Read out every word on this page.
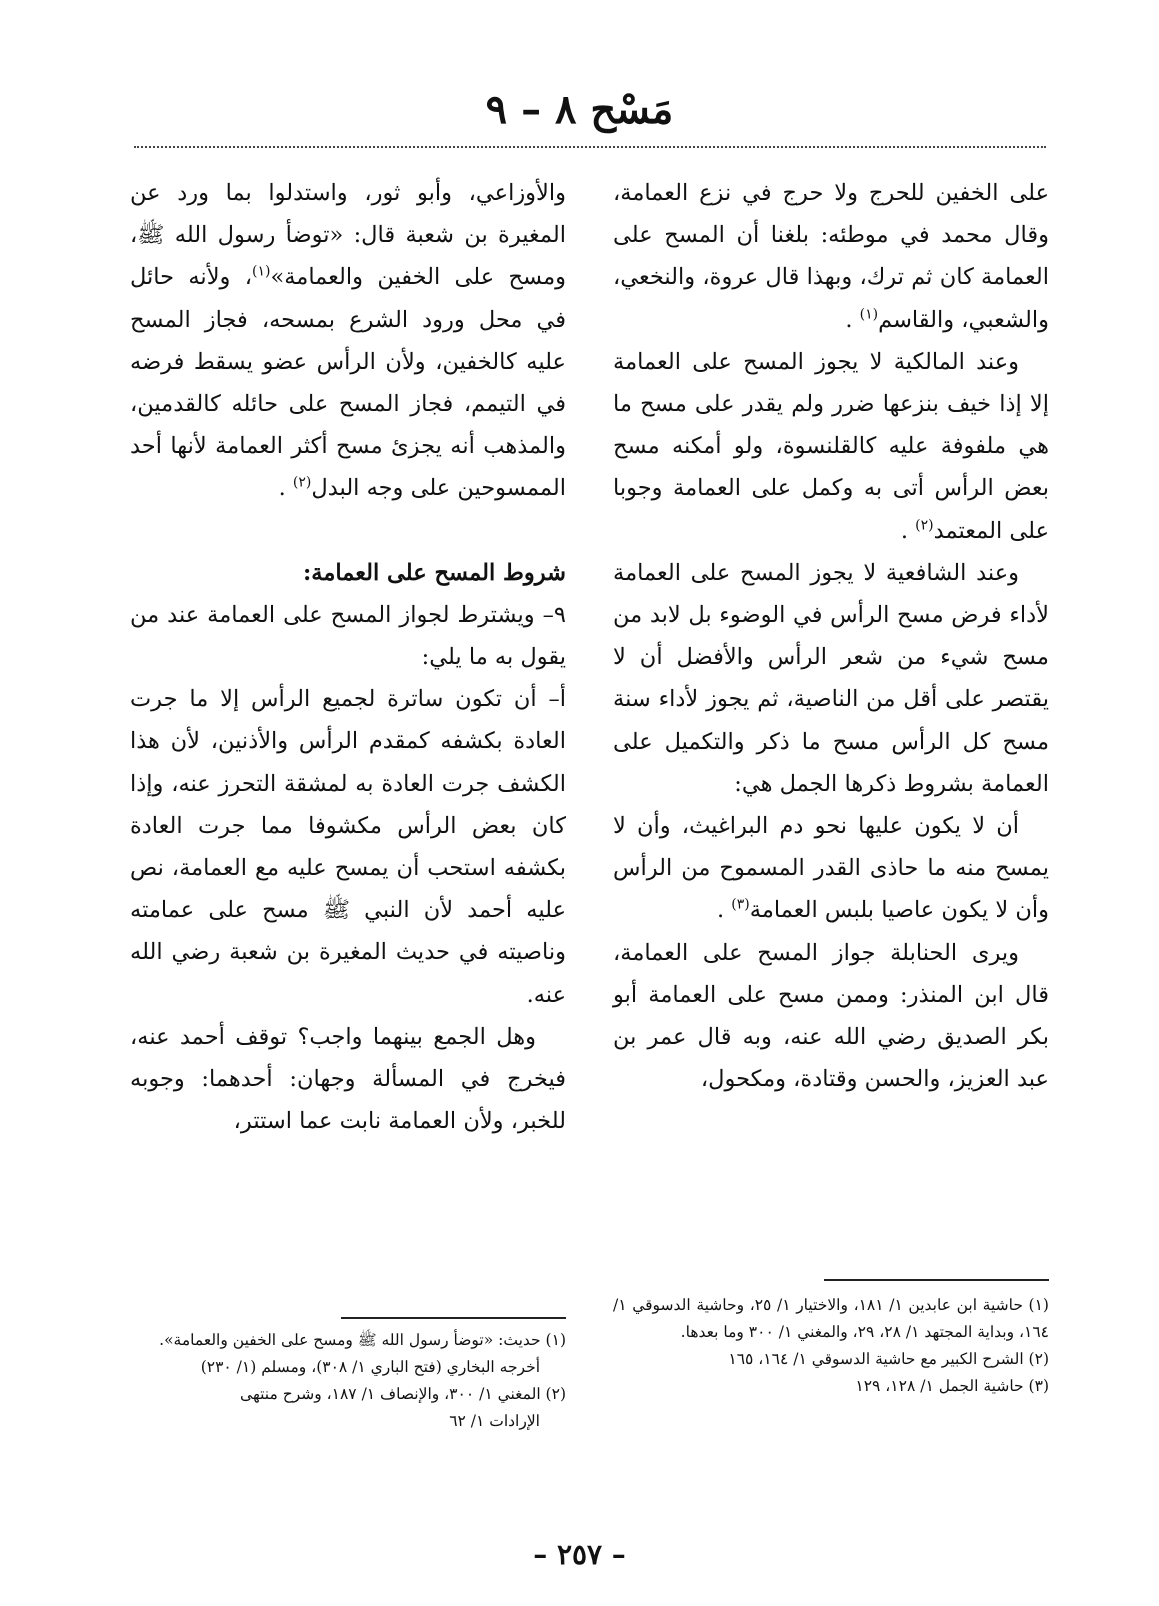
مَسْح ٨ – ٩

على الخفين للحرج ولا حرج في نزع العمامة، وقال محمد في موطئه: بلغنا أن المسح على العمامة كان ثم ترك، وبهذا قال عروة، والنخعي، والشعبي، والقاسم$^{(١)}$ .

وعند المالكية لا يجوز المسح على العمامة إلا إذا خيف بنزعها ضرر ولم يقدر على مسح ما هي ملفوفة عليه كالقلنسوة، ولو أمكنه مسح بعض الرأس أتى به وكمل على العمامة وجوبا على المعتمد$^{(٢)}$ .

وعند الشافعية لا يجوز المسح على العمامة لأداء فرض مسح الرأس في الوضوء بل لابد من مسح شيء من شعر الرأس والأفضل أن لا يقتصر على أقل من الناصية، ثم يجوز لأداء سنة مسح كل الرأس مسح ما ذكر والتكميل على العمامة بشروط ذكرها الجمل هي:

أن لا يكون عليها نحو دم البراغيث، وأن لا يمسح منه ما حاذى القدر المسموح من الرأس وأن لا يكون عاصيا بلبس العمامة$^{(٣)}$ .

ويرى الحنابلة جواز المسح على العمامة، قال ابن المنذر: وممن مسح على العمامة أبو بكر الصديق رضي الله عنه، وبه قال عمر بن عبد العزيز، والحسن وقتادة، ومكحول،

والأوزاعي، وأبو ثور، واستدلوا بما ورد عن المغيرة بن شعبة قال: «توضأ رسول الله ﷺ، ومسح على الخفين والعمامة»$^{(١)}$، ولأنه حائل في محل ورود الشرع بمسحه، فجاز المسح عليه كالخفين، ولأن الرأس عضو يسقط فرضه في التيمم، فجاز المسح على حائله كالقدمين، والمذهب أنه يجزئ مسح أكثر العمامة لأنها أحد الممسوحين على وجه البدل$^{(٢)}$ .

شروط المسح على العمامة:

٩– ويشترط لجواز المسح على العمامة عند من يقول به ما يلي:

أ– أن تكون ساترة لجميع الرأس إلا ما جرت العادة بكشفه كمقدم الرأس والأذنين، لأن هذا الكشف جرت العادة به لمشقة التحرز عنه، وإذا كان بعض الرأس مكشوفا مما جرت العادة بكشفه استحب أن يمسح عليه مع العمامة، نص عليه أحمد لأن النبي ﷺ مسح على عمامته وناصيته في حديث المغيرة بن شعبة رضي الله عنه.

وهل الجمع بينهما واجب؟ توقف أحمد عنه، فيخرج في المسألة وجهان: أحدهما: وجوبه للخبر، ولأن العمامة نابت عما استتر،

(١) حاشية ابن عابدين ١/ ١٨١، والاختيار ١/ ٢٥، وحاشية الدسوقي ١/ ١٦٤، وبداية المجتهد ١/ ٢٨، ٢٩، والمغني ١/ ٣٠٠ وما بعدها.

(٢) الشرح الكبير مع حاشية الدسوقي ١/ ١٦٤، ١٦٥

(٣) حاشية الجمل ١/ ١٢٨، ١٢٩

(١) حديث: «توضأ رسول الله ﷺ ومسح على الخفين والعمامة».

أخرجه البخاري (فتح الباري ١/ ٣٠٨)، ومسلم (١/ ٢٣٠)

(٢) المغني ١/ ٣٠٠، والإنصاف ١/ ١٨٧، وشرح منتهى

الإرادات ١/ ٦٢

– ٢٥٧ –
